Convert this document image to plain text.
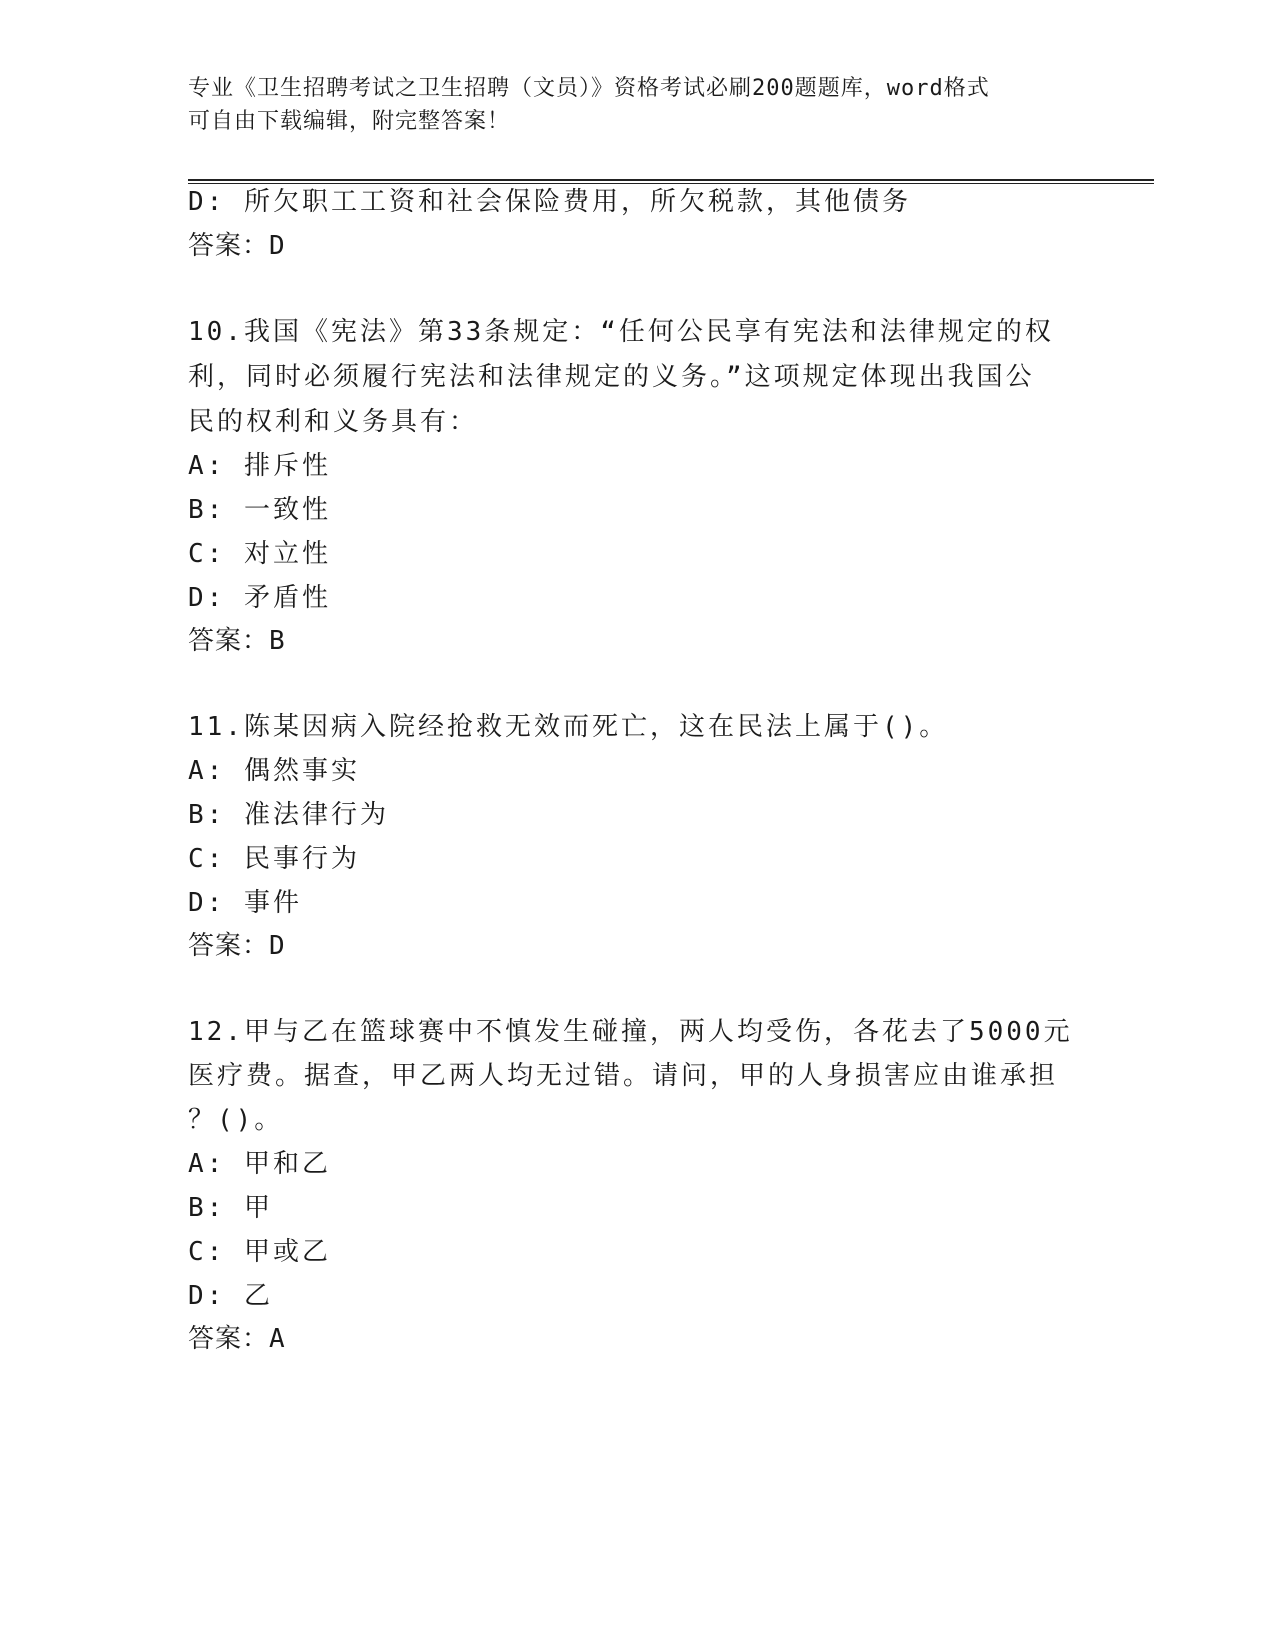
专业《卫生招聘考试之卫生招聘（文员）》资格考试必刷200题题库，word格式
可自由下载编辑，附完整答案！
D: 所欠职工工资和社会保险费用，所欠税款，其他债务
答案：D
10.我国《宪法》第33条规定：“任何公民享有宪法和法律规定的权
利，同时必须履行宪法和法律规定的义务。”这项规定体现出我国公
民的权利和义务具有：
A: 排斥性
B: 一致性
C: 对立性
D: 矛盾性
答案：B
11.陈某因病入院经抢救无效而死亡，这在民法上属于()。
A: 偶然事实
B: 准法律行为
C: 民事行为
D: 事件
答案：D
12.甲与乙在篮球赛中不慎发生碰撞，两人均受伤，各花去了5000元
医疗费。据查，甲乙两人均无过错。请问，甲的人身损害应由谁承担
？()。
A: 甲和乙
B: 甲
C: 甲或乙
D: 乙
答案：A
